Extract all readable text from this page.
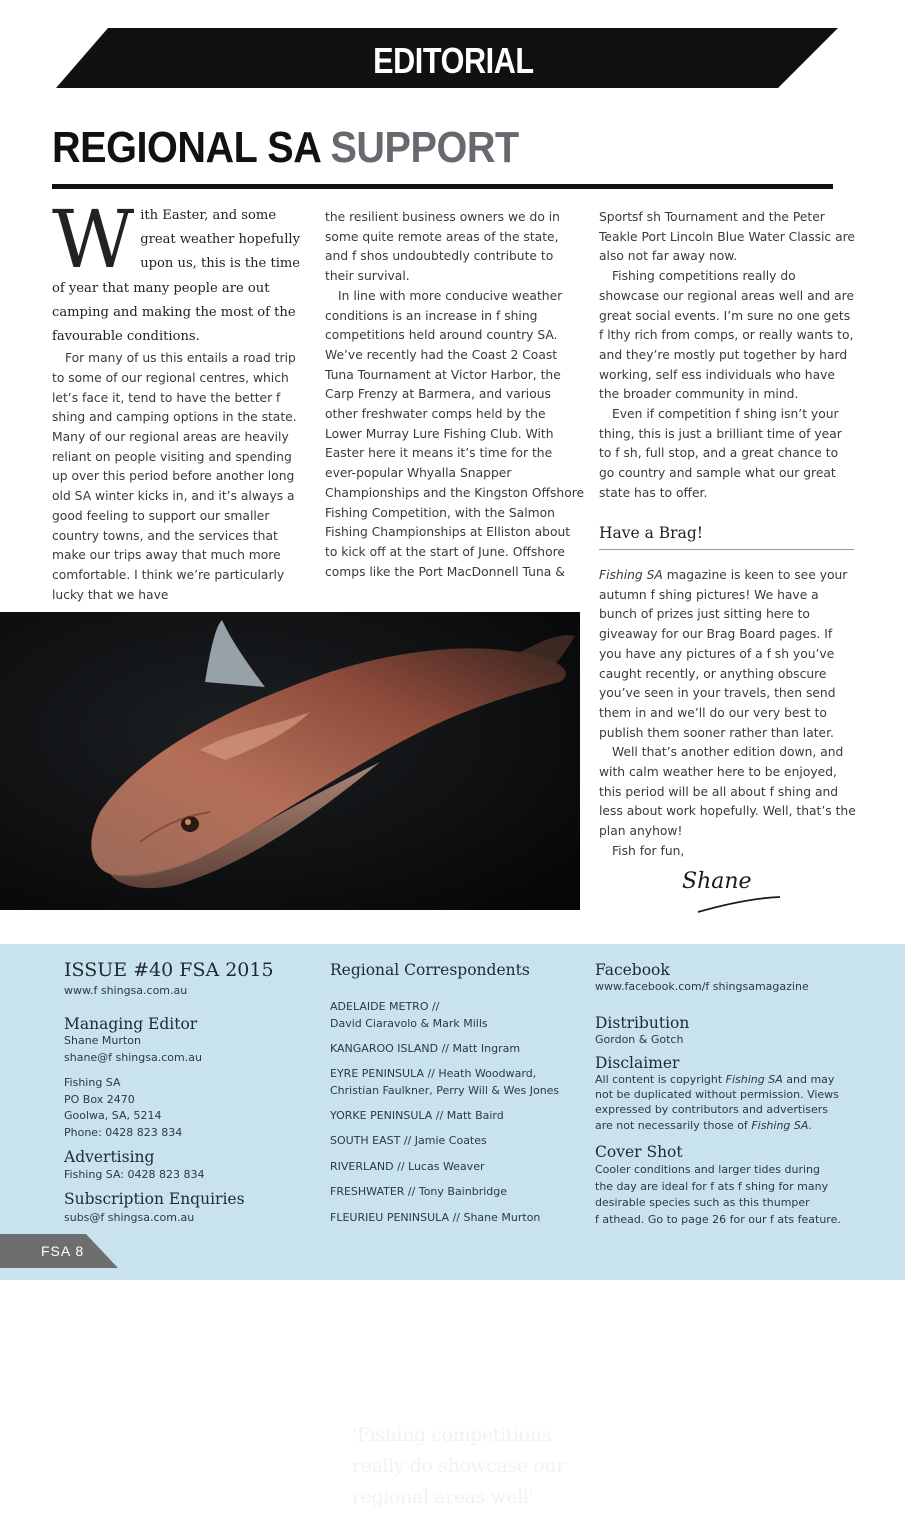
EDITORIAL
REGIONAL SA SUPPORT

With Easter, and some great weather hopefully upon us, this is the time of year that many people are out camping and making the most of the favourable conditions.

For many of us this entails a road trip to some of our regional centres, which let’s face it, tend to have the better f shing and camping options in the state. Many of our regional areas are heavily reliant on people visiting and spending up over this period before another long old SA winter kicks in, and it’s always a good feeling to support our smaller country towns, and the services that make our trips away that much more comfortable. I think we’re particularly lucky that we have

the resilient business owners we do in some quite remote areas of the state, and f shos undoubtedly contribute to their survival.

In line with more conducive weather conditions is an increase in f shing competitions held around country SA. We’ve recently had the Coast 2 Coast Tuna Tournament at Victor Harbor, the Carp Frenzy at Barmera, and various other freshwater comps held by the Lower Murray Lure Fishing Club. With Easter here it means it’s time for the ever-popular Whyalla Snapper Championships and the Kingston Offshore Fishing Competition, with the Salmon Fishing Championships at Elliston about to kick off at the start of June. Offshore comps like the Port MacDonnell Tuna &

Sportsf sh Tournament and the Peter Teakle Port Lincoln Blue Water Classic are also not far away now.

Fishing competitions really do showcase our regional areas well and are great social events. I’m sure no one gets f lthy rich from comps, or really wants to, and they’re mostly put together by hard working, self ess individuals who have the broader community in mind.

Even if competition f shing isn’t your thing, this is just a brilliant time of year to f sh, full stop, and a great chance to go country and sample what our great state has to offer.

Have a Brag!

Fishing SA magazine is keen to see your autumn f shing pictures! We have a bunch of prizes just sitting here to giveaway for our Brag Board pages. If you have any pictures of a f sh you’ve caught recently, or anything obscure you’ve seen in your travels, then send them in and we’ll do our very best to publish them sooner rather than later.

Well that’s another edition down, and with calm weather here to be enjoyed, this period will be all about f shing and less about work hopefully. Well, that’s the plan anyhow!

Fish for fun,

Shane
'Fishing competitions
really do showcase our
regional areas well'
ISSUE #40 FSA 2015
www.f shingsa.com.au
Managing Editor

Shane Murton

shane@f shingsa.com.au

Fishing SA

PO Box 2470

Goolwa, SA, 5214

Phone: 0428 823 834

Advertising
Fishing SA: 0428 823 834
Subscription Enquiries
subs@f shingsa.com.au
Regional Correspondents
ADELAIDE METRO //
David Ciaravolo & Mark Mills
KANGAROO ISLAND // Matt Ingram
EYRE PENINSULA // Heath Woodward,
Christian Faulkner, Perry Will & Wes Jones
YORKE PENINSULA // Matt Baird
SOUTH EAST // Jamie Coates
RIVERLAND // Lucas Weaver
FRESHWATER // Tony Bainbridge
FLEURIEU PENINSULA // Shane Murton
Facebook
www.facebook.com/f shingsamagazine
Distribution
Gordon & Gotch
Disclaimer

All content is copyright Fishing SA and may

not be duplicated without permission. Views

expressed by contributors and advertisers

are not necessarily those of Fishing SA.

Cover Shot

Cooler conditions and larger tides during

the day are ideal for f ats f shing for many

desirable species such as this thumper

f athead. Go to page 26 for our f ats feature.

FSA 8
